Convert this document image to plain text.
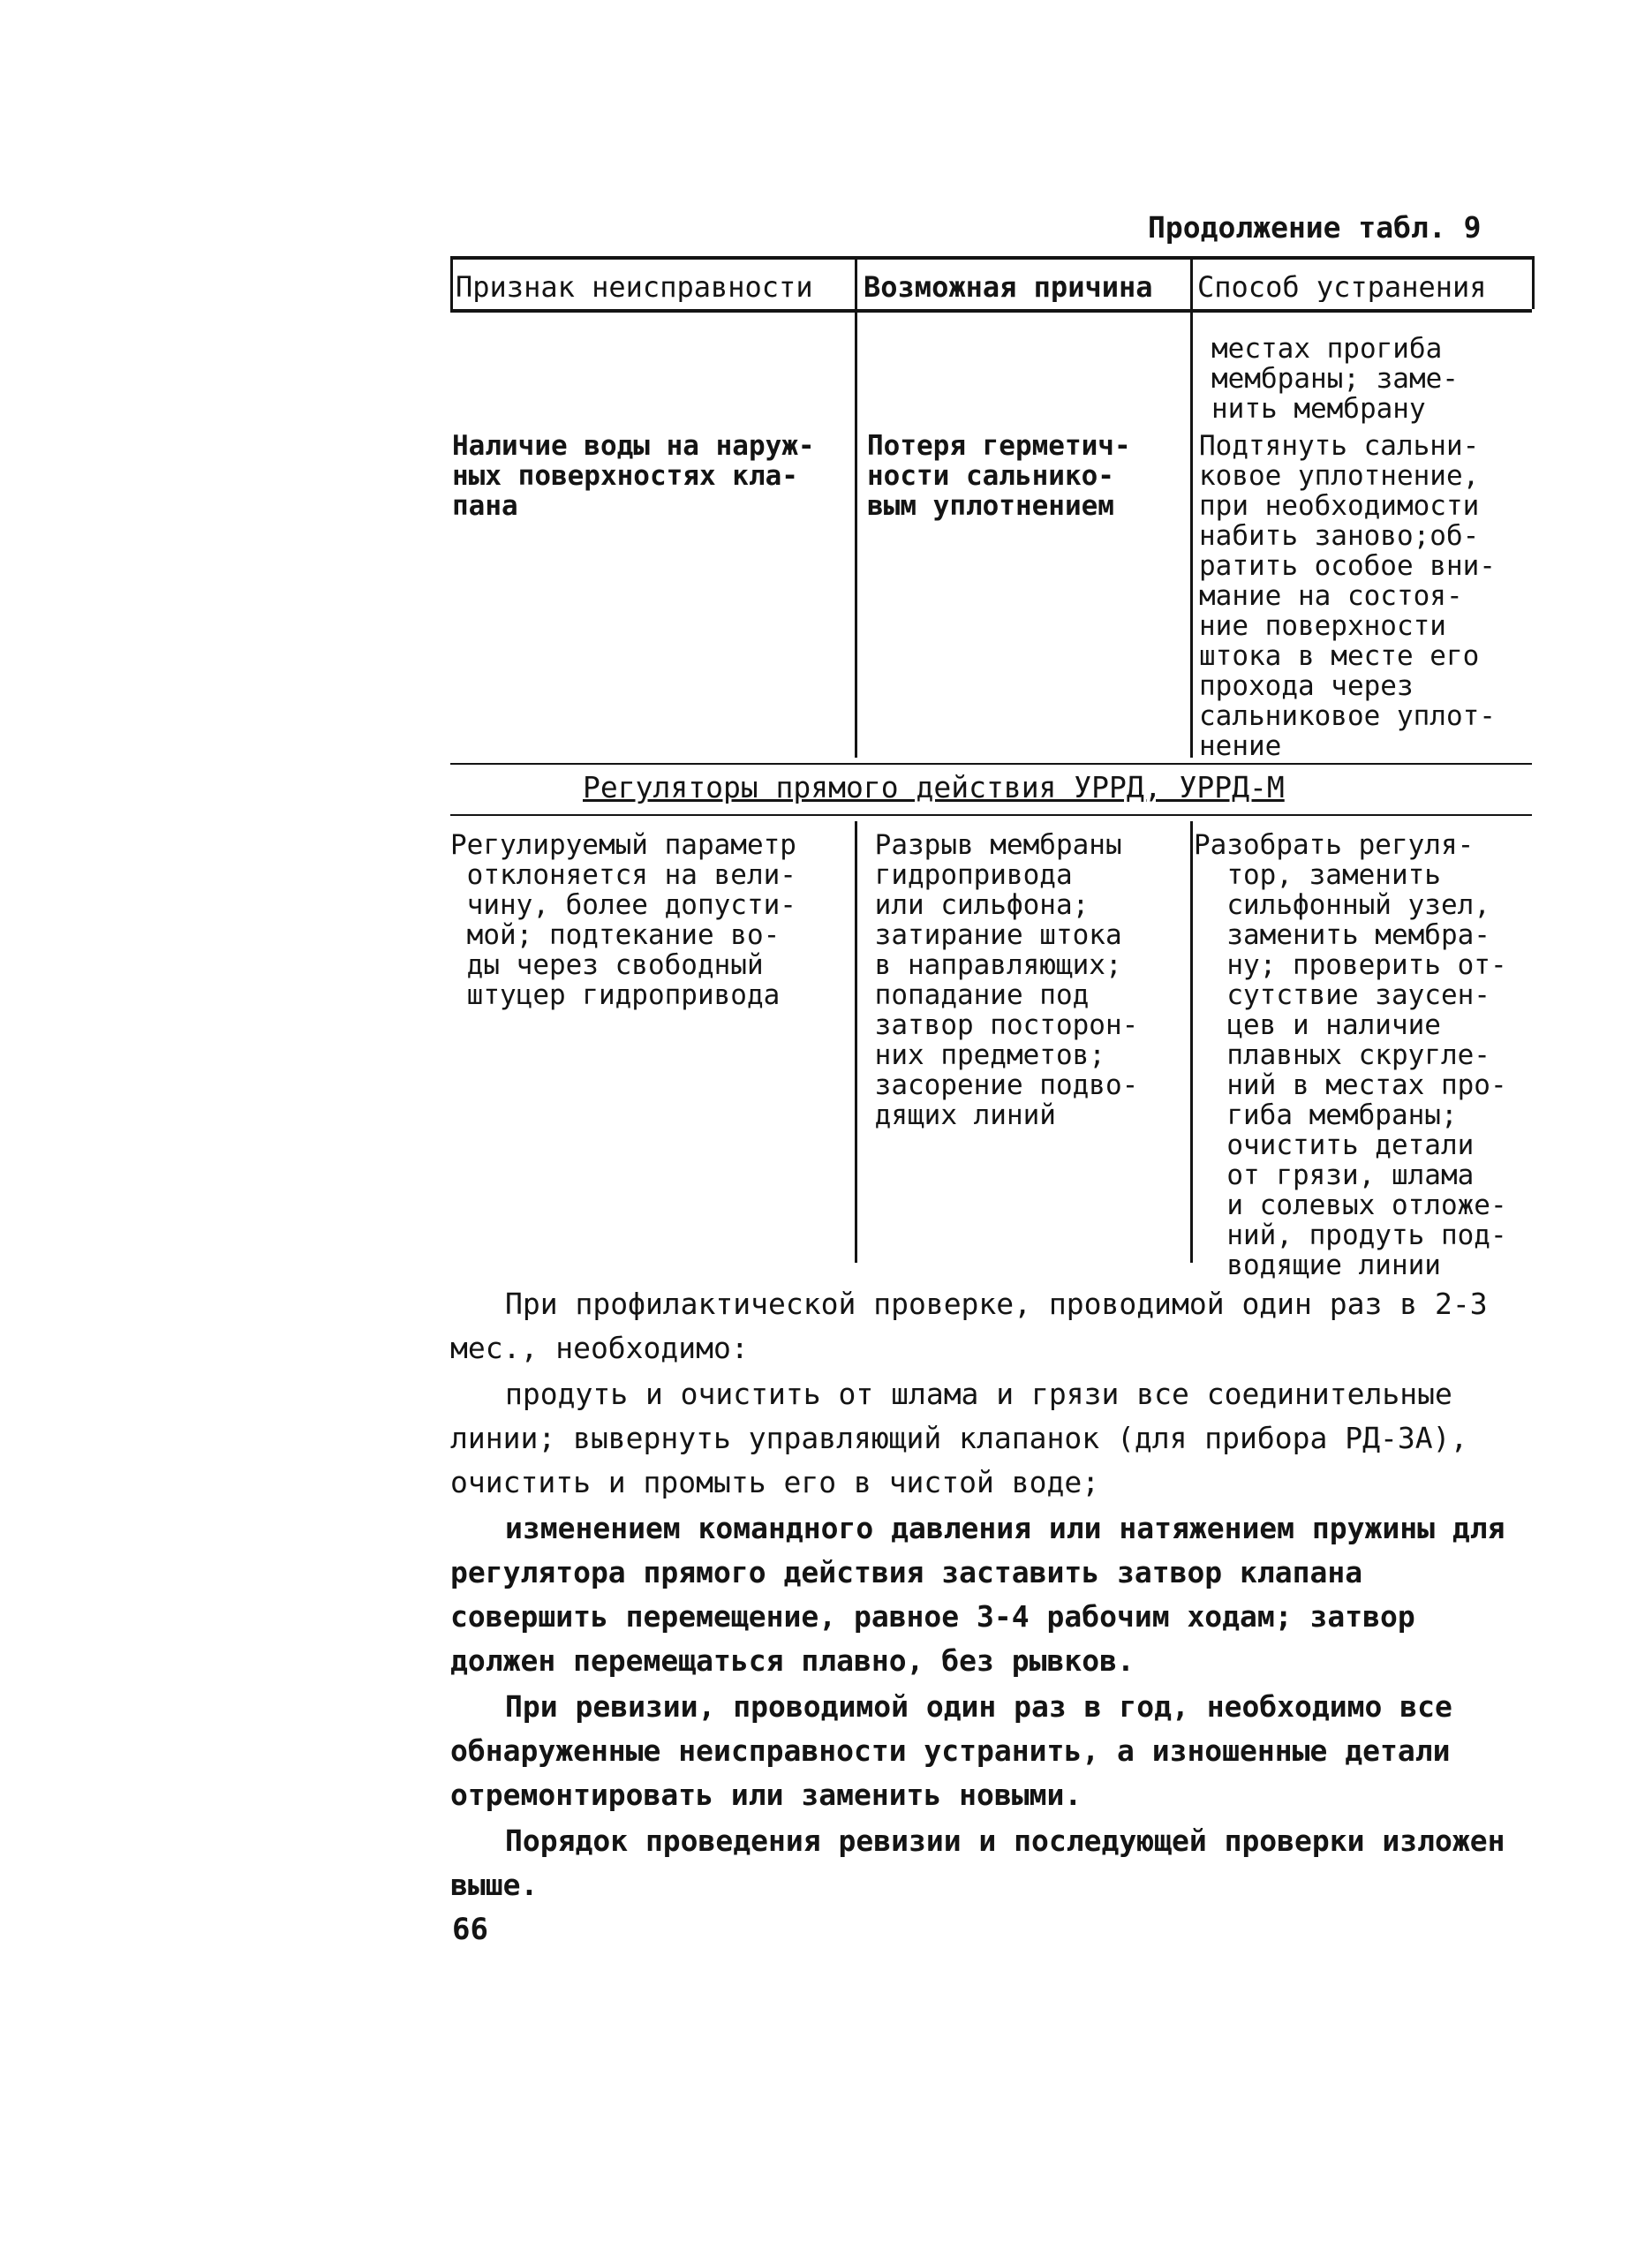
Продолжение табл. 9
Признак неисправности Возможная причина Способ устранения
местах прогиба
мембраны; заме-
нить мембрану
Наличие воды на наруж-
ных поверхностях кла-
пана
Потеря герметич-
ности сальнико-
вым уплотнением
Подтянуть сальни-
ковое уплотнение,
при необходимости
набить заново;об-
ратить особое вни-
мание на состоя-
ние поверхности
штока в месте его
прохода через
сальниковое уплот-
нение
Регулируемый параметр
отклоняется на вели-
чину, более допусти-
мой; подтекание во-
ды через свободный
штуцер гидропривода
Разрыв мембраны
гидропривода
или сильфона;
затирание штока
в направляющих;
попадание под
затвор посторон-
них предметов;
засорение подво-
дящих линий
Разобрать регуля-
тор, заменить
сильфонный узел,
заменить мембра-
ну; проверить от-
сутствие заусен-
цев и наличие
плавных скругле-
ний в местах про-
гиба мембраны;
очистить детали
от грязи, шлама
и солевых отложе-
ний, продуть под-
водящие линии
Регуляторы прямого действия УРРД, УРРД-М

При профилактической проверке, проводимой один раз в 2-3 мес., необходимо:

продуть и очистить от шлама и грязи все соединительные линии; вывернуть управляющий клапанок (для прибора РД-3А), очистить и промыть его в чистой воде;

изменением командного давления или натяжением пружины для регулятора прямого действия заставить затвор клапана совершить перемещение, равное 3-4 рабочим ходам; затвор должен перемещаться плавно, без рывков.

При ревизии, проводимой один раз в год, необходимо все обнаруженные неисправности устранить, а изношенные детали отремонтировать или заменить новыми.

Порядок проведения ревизии и последующей проверки изложен выше.

66
